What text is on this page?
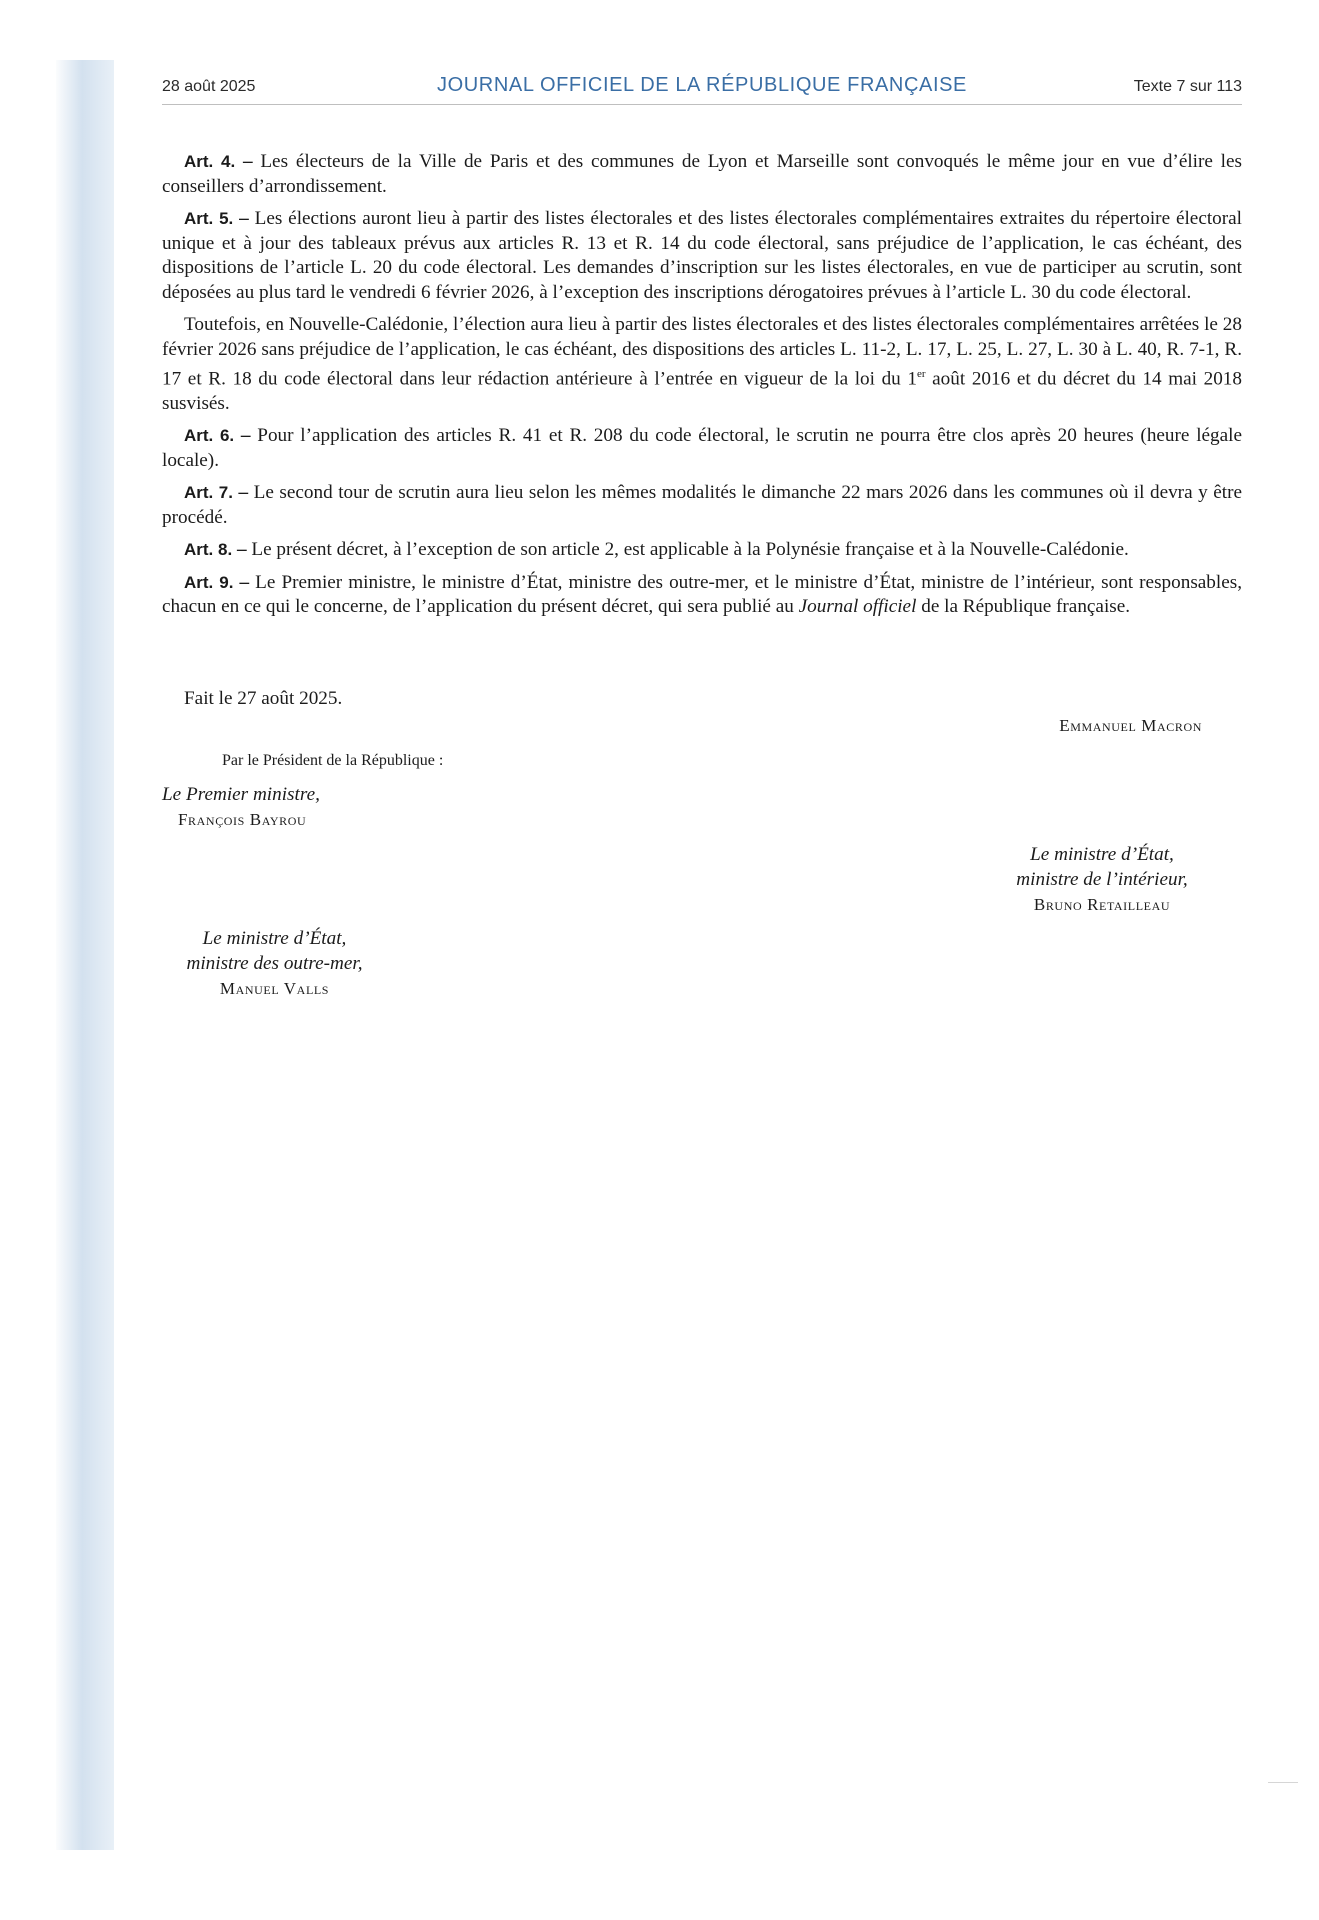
28 août 2025	JOURNAL OFFICIEL DE LA RÉPUBLIQUE FRANÇAISE	Texte 7 sur 113

Art. 4. – Les électeurs de la Ville de Paris et des communes de Lyon et Marseille sont convoqués le même jour en vue d’élire les conseillers d’arrondissement.

Art. 5. – Les élections auront lieu à partir des listes électorales et des listes électorales complémentaires extraites du répertoire électoral unique et à jour des tableaux prévus aux articles R. 13 et R. 14 du code électoral, sans préjudice de l’application, le cas échéant, des dispositions de l’article L. 20 du code électoral. Les demandes d’inscription sur les listes électorales, en vue de participer au scrutin, sont déposées au plus tard le vendredi 6 février 2026, à l’exception des inscriptions dérogatoires prévues à l’article L. 30 du code électoral.

Toutefois, en Nouvelle-Calédonie, l’élection aura lieu à partir des listes électorales et des listes électorales complémentaires arrêtées le 28 février 2026 sans préjudice de l’application, le cas échéant, des dispositions des articles L. 11-2, L. 17, L. 25, L. 27, L. 30 à L. 40, R. 7-1, R. 17 et R. 18 du code électoral dans leur rédaction antérieure à l’entrée en vigueur de la loi du 1er août 2016 et du décret du 14 mai 2018 susvisés.

Art. 6. – Pour l’application des articles R. 41 et R. 208 du code électoral, le scrutin ne pourra être clos après 20 heures (heure légale locale).

Art. 7. – Le second tour de scrutin aura lieu selon les mêmes modalités le dimanche 22 mars 2026 dans les communes où il devra y être procédé.

Art. 8. – Le présent décret, à l’exception de son article 2, est applicable à la Polynésie française et à la Nouvelle-Calédonie.

Art. 9. – Le Premier ministre, le ministre d’État, ministre des outre-mer, et le ministre d’État, ministre de l’intérieur, sont responsables, chacun en ce qui le concerne, de l’application du présent décret, qui sera publié au Journal officiel de la République française.

Fait le 27 août 2025.
Emmanuel Macron
Par le Président de la République :
Le Premier ministre,
François Bayrou
Le ministre d’État,
ministre de l’intérieur,
Bruno Retailleau
Le ministre d’État,
ministre des outre-mer,
Manuel Valls
